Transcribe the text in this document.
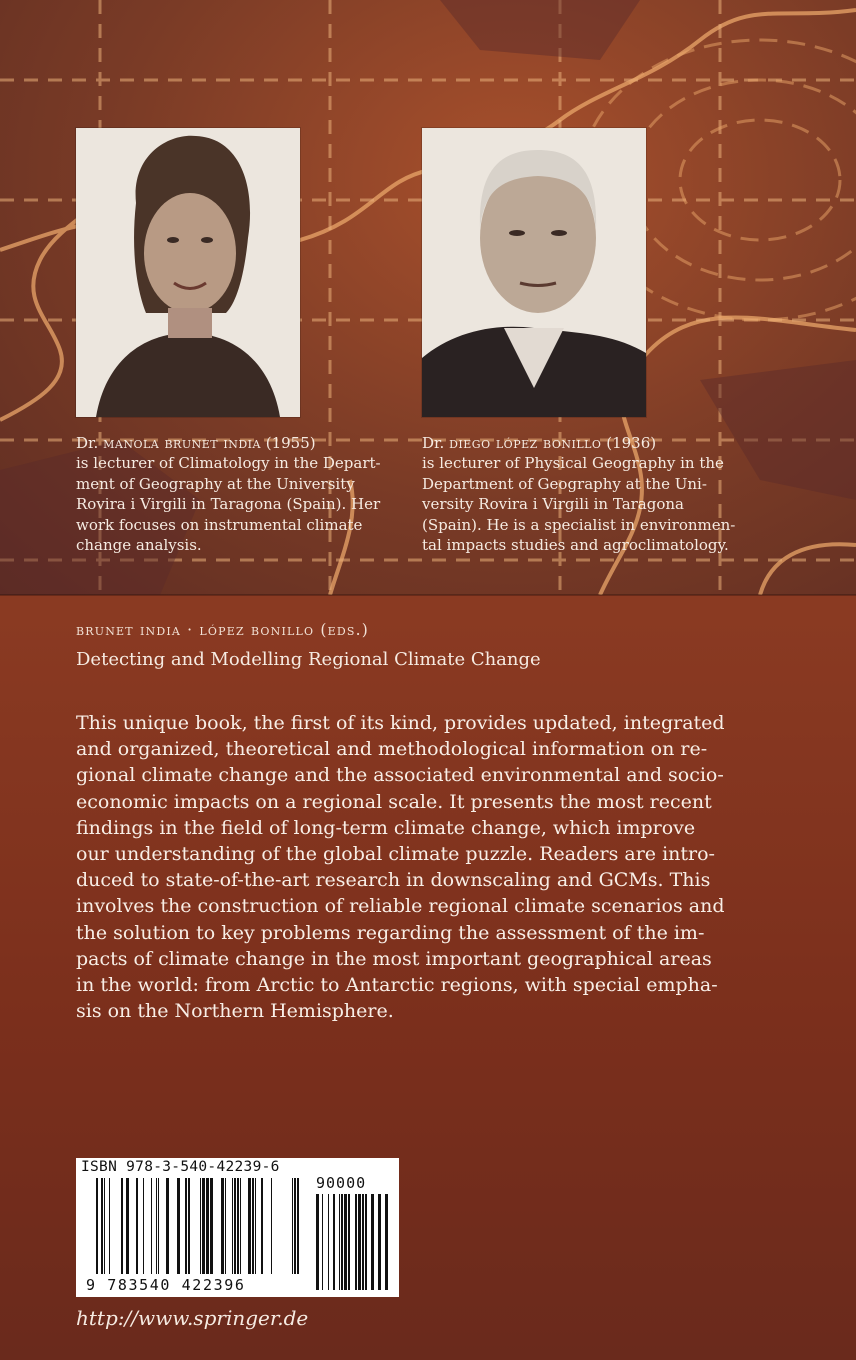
Dr. manola brunet india (1955)
is lecturer of Climatology in the Depart-
ment of Geography at the University
Rovira i Virgili in Taragona (Spain). Her
work focuses on instrumental climate
change analysis.
Dr. diego lópez bonillo (1936)
is lecturer of Physical Geography in the
Department of Geography at the Uni-
versity Rovira i Virgili in Taragona
(Spain). He is a specialist in environmen-
tal impacts studies and agroclimatology.
brunet india · lópez bonillo (eds.)
Detecting and Modelling Regional Climate Change

This unique book, the first of its kind, provides updated, integrated

and organized, theoretical and methodological information on re-

gional climate change and the associated environmental and socio-

economic impacts on a regional scale. It presents the most recent

findings in the field of long-term climate change, which improve

our understanding of the global climate puzzle. Readers are intro-

duced to state-of-the-art research in downscaling and GCMs. This

involves the construction of reliable regional climate scenarios and

the solution to key problems regarding the assessment of the im-

pacts of climate change in the most important geographical areas

in the world: from Arctic to Antarctic regions, with special empha-

sis on the Northern Hemisphere.

ISBN 978-3-540-42239-6
90000
9 783540 422396
http://www.springer.de
